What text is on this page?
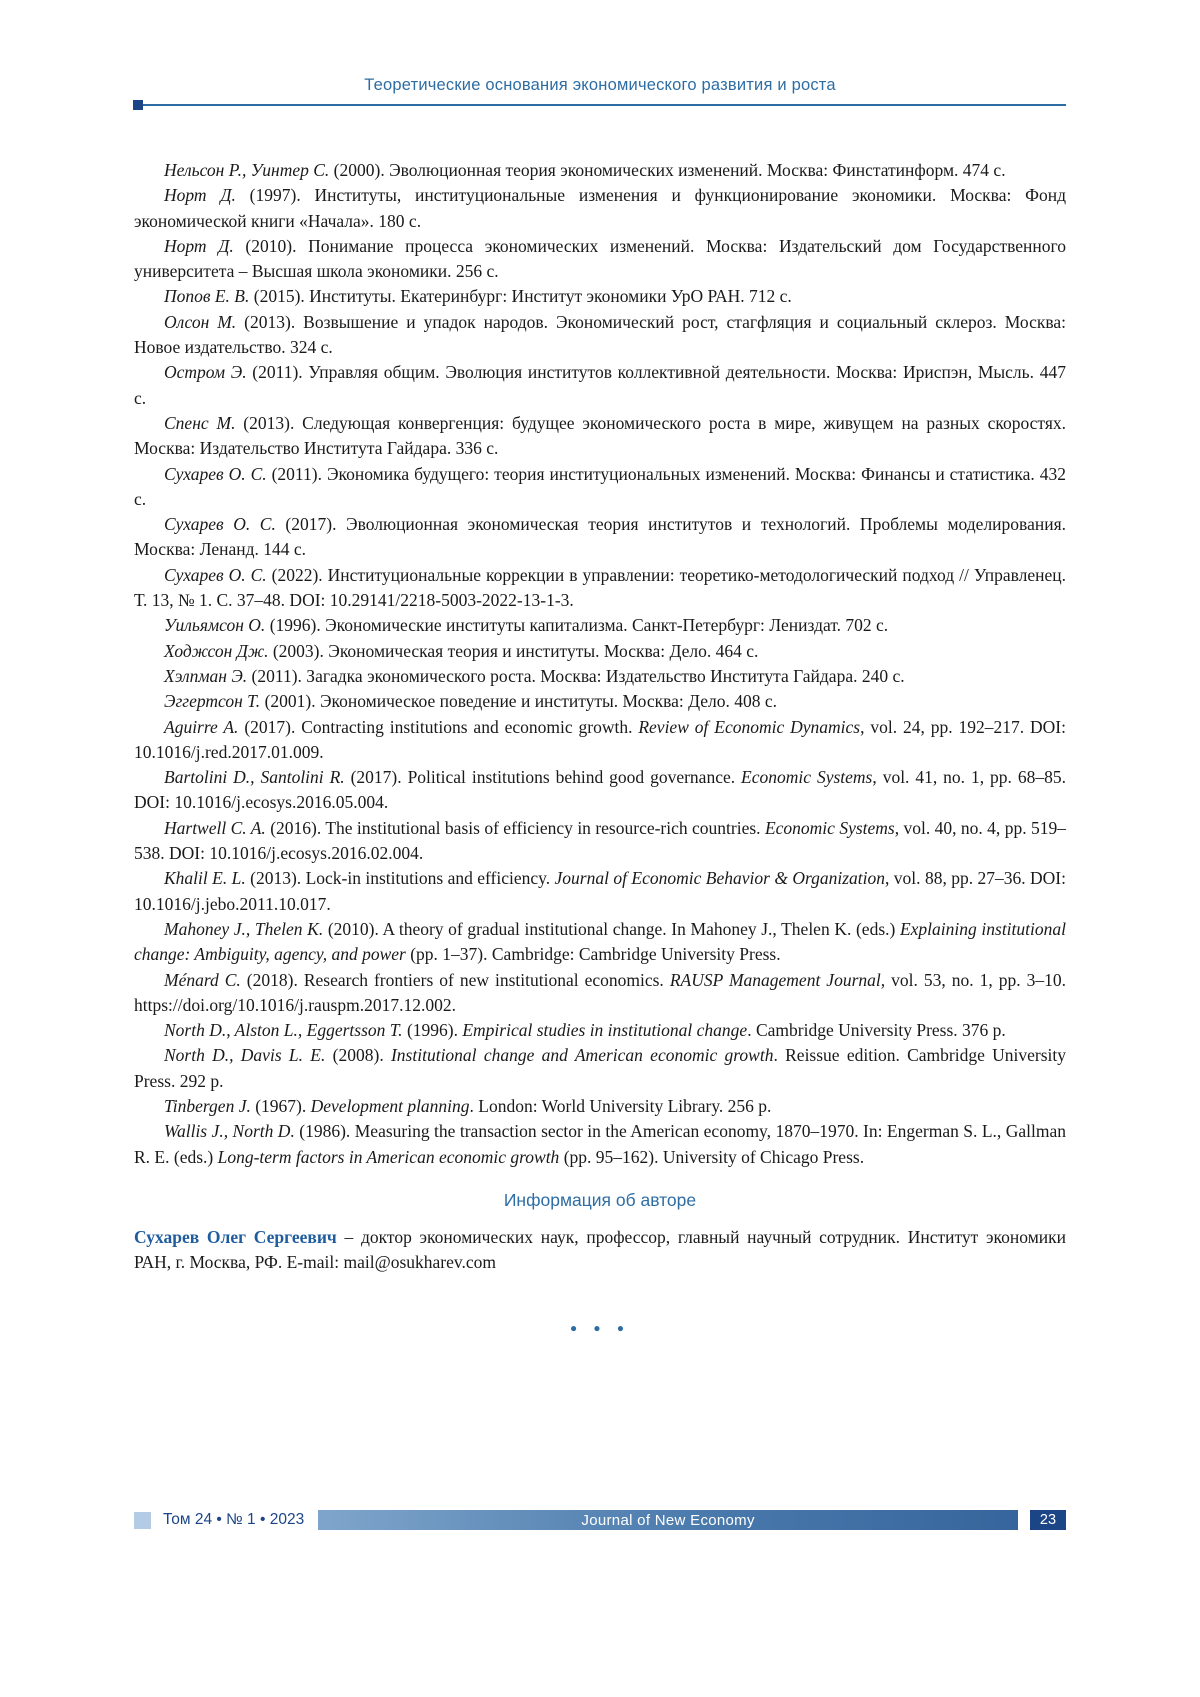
Теоретические основания экономического развития и роста

Нельсон Р., Уинтер С. (2000). Эволюционная теория экономических изменений. Москва: Финстатинформ. 474 с.

Норт Д. (1997). Институты, институциональные изменения и функционирование экономики. Москва: Фонд экономической книги «Начала». 180 с.

Норт Д. (2010). Понимание процесса экономических изменений. Москва: Издательский дом Государственного университета – Высшая школа экономики. 256 с.

Попов Е. В. (2015). Институты. Екатеринбург: Институт экономики УрО РАН. 712 с.

Олсон М. (2013). Возвышение и упадок народов. Экономический рост, стагфляция и социальный склероз. Москва: Новое издательство. 324 с.

Остром Э. (2011). Управляя общим. Эволюция институтов коллективной деятельности. Москва: Ириспэн, Мысль. 447 с.

Спенс М. (2013). Следующая конвергенция: будущее экономического роста в мире, живущем на разных скоростях. Москва: Издательство Института Гайдара. 336 с.

Сухарев О. С. (2011). Экономика будущего: теория институциональных изменений. Москва: Финансы и статистика. 432 с.

Сухарев О. С. (2017). Эволюционная экономическая теория институтов и технологий. Проблемы моделирования. Москва: Ленанд. 144 с.

Сухарев О. С. (2022). Институциональные коррекции в управлении: теоретико-методологический подход // Управленец. Т. 13, № 1. С. 37–48. DOI: 10.29141/2218-5003-2022-13-1-3.

Уильямсон О. (1996). Экономические институты капитализма. Санкт-Петербург: Лениздат. 702 с.

Ходжсон Дж. (2003). Экономическая теория и институты. Москва: Дело. 464 с.

Хэлпман Э. (2011). Загадка экономического роста. Москва: Издательство Института Гайдара. 240 с.

Эггертсон Т. (2001). Экономическое поведение и институты. Москва: Дело. 408 с.

Aguirre A. (2017). Contracting institutions and economic growth. Review of Economic Dynamics, vol. 24, pp. 192–217. DOI: 10.1016/j.red.2017.01.009.

Bartolini D., Santolini R. (2017). Political institutions behind good governance. Economic Systems, vol. 41, no. 1, pp. 68–85. DOI: 10.1016/j.ecosys.2016.05.004.

Hartwell C. A. (2016). The institutional basis of efficiency in resource-rich countries. Economic Systems, vol. 40, no. 4, pp. 519–538. DOI: 10.1016/j.ecosys.2016.02.004.

Khalil E. L. (2013). Lock-in institutions and efficiency. Journal of Economic Behavior & Organization, vol. 88, pp. 27–36. DOI: 10.1016/j.jebo.2011.10.017.

Mahoney J., Thelen K. (2010). A theory of gradual institutional change. In Mahoney J., Thelen K. (eds.) Explaining institutional change: Ambiguity, agency, and power (pp. 1–37). Cambridge: Cambridge University Press.

Ménard C. (2018). Research frontiers of new institutional economics. RAUSP Management Journal, vol. 53, no. 1, pp. 3–10. https://doi.org/10.1016/j.rauspm.2017.12.002.

North D., Alston L., Eggertsson T. (1996). Empirical studies in institutional change. Cambridge University Press. 376 p.

North D., Davis L. E. (2008). Institutional change and American economic growth. Reissue edition. Cambridge University Press. 292 p.

Tinbergen J. (1967). Development planning. London: World University Library. 256 p.

Wallis J., North D. (1986). Measuring the transaction sector in the American economy, 1870–1970. In: Engerman S. L., Gallman R. E. (eds.) Long-term factors in American economic growth (pp. 95–162). University of Chicago Press.

Информация об авторе

Сухарев Олег Сергеевич – доктор экономических наук, профессор, главный научный сотрудник. Институт экономики РАН, г. Москва, РФ. E-mail: mail@osukharev.com

• • •
Том 24 • № 1 • 2023	Journal of New Economy	23
